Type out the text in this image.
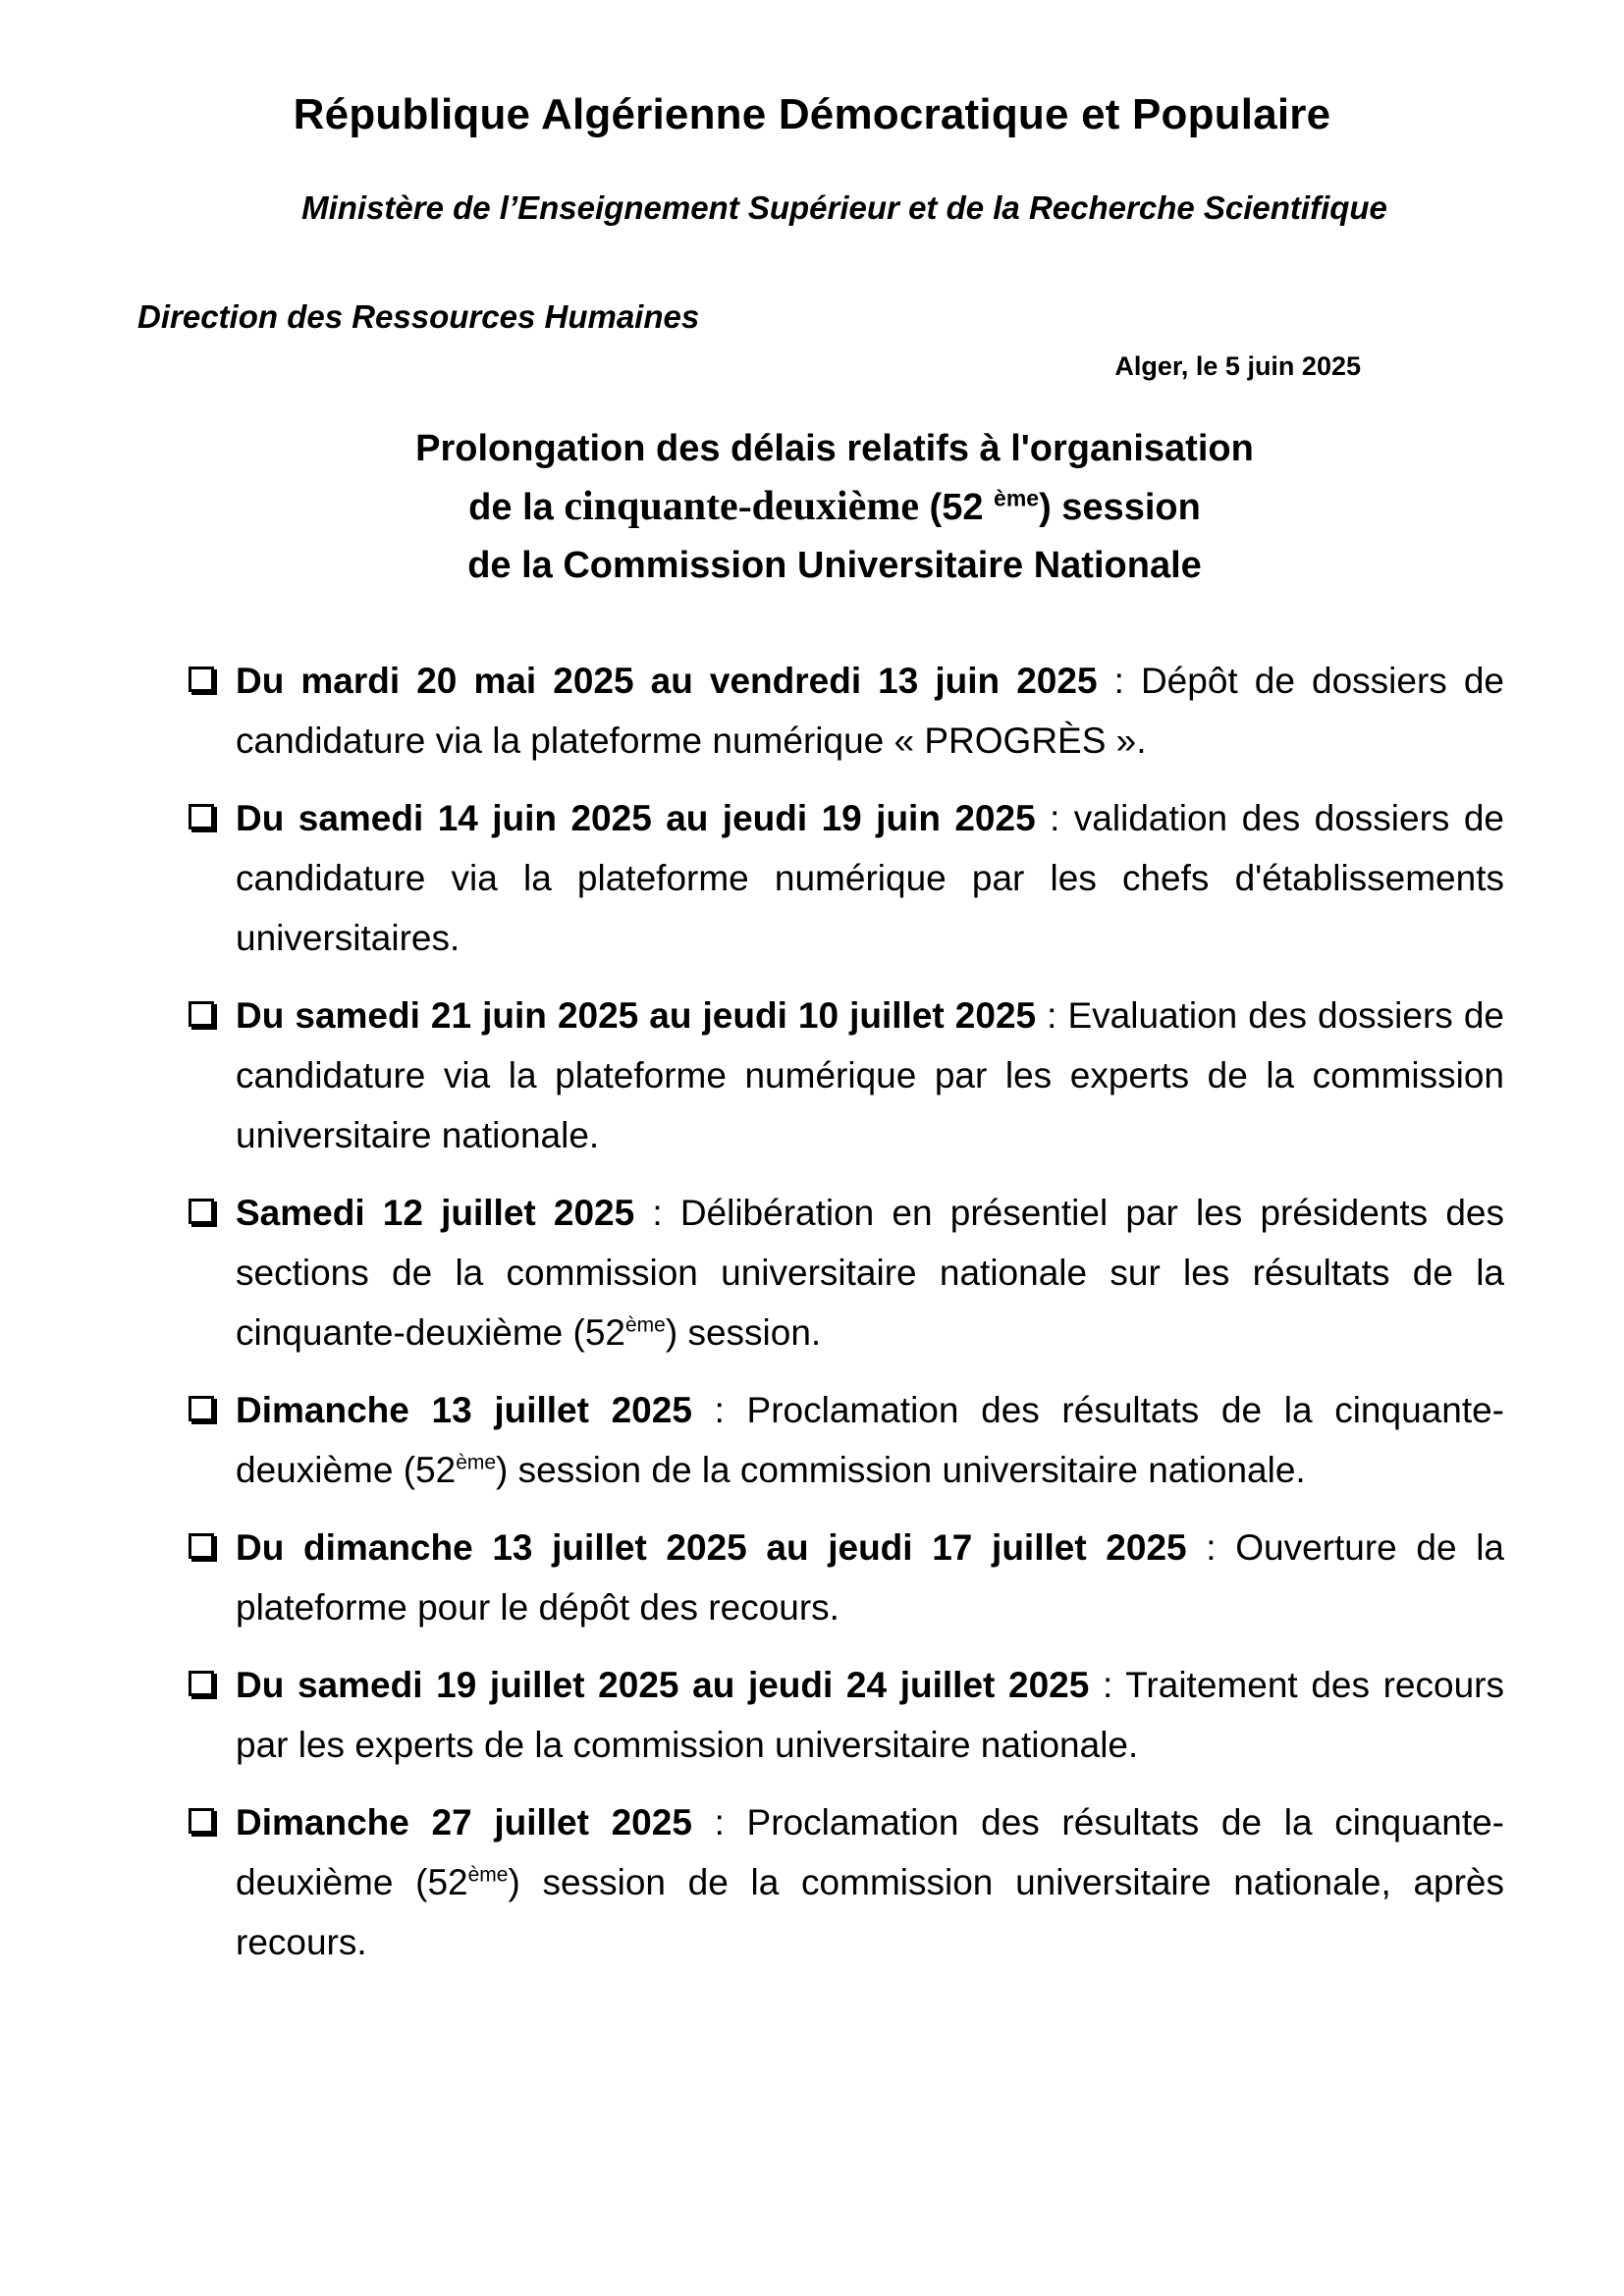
République Algérienne Démocratique et Populaire
Ministère de l’Enseignement Supérieur et de la Recherche Scientifique
Direction des Ressources Humaines
Alger, le 5 juin 2025
Prolongation des délais relatifs à l'organisation
de la cinquante-deuxième (52 $^{ème}$) session
de la Commission Universitaire Nationale
Du mardi 20 mai 2025 au vendredi 13 juin 2025 : Dépôt de dossiers de candidature via la plateforme numérique « PROGRÈS ».
Du samedi 14 juin 2025 au jeudi 19 juin 2025 : validation des dossiers de candidature via la plateforme numérique par les chefs d'établissements universitaires.
Du samedi 21 juin 2025 au jeudi 10 juillet 2025 : Evaluation des dossiers de candidature via la plateforme numérique par les experts de la commission universitaire nationale.
Samedi 12 juillet 2025 : Délibération en présentiel par les présidents des sections de la commission universitaire nationale sur les résultats de la cinquante-deuxième (52ème) session.
Dimanche 13 juillet 2025 : Proclamation des résultats de la cinquante-deuxième (52ème) session de la commission universitaire nationale.
Du dimanche 13 juillet 2025 au jeudi 17 juillet 2025 : Ouverture de la plateforme pour le dépôt des recours.
Du samedi 19 juillet 2025 au jeudi 24 juillet 2025 : Traitement des recours par les experts de la commission universitaire nationale.
Dimanche 27 juillet 2025 : Proclamation des résultats de la cinquante-deuxième (52ème) session de la commission universitaire nationale, après recours.
